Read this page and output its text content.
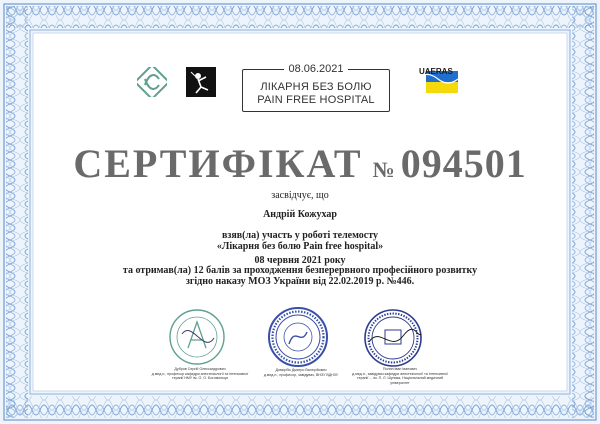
08.06.2021
ЛІКАРНЯ БЕЗ БОЛЮ
PAIN FREE HOSPITAL
UAERAS
СЕРТИФІКАТ № 094501
засвідчує, що
Андрій Кожухар
взяв(ла) участь у роботі телемосту
«Лікарня без болю Pain free hospital»
08 червня 2021 року
та отримав(ла) 12 балів за проходження безперервного професійного розвитку
згідно наказу МОЗ України від 22.02.2019 р. №446.
Дубров Сергій Олександрович
д.мед.н., професор кафедри анестезіології та інтенсивної терапії НМУ ім. О. О. Богомольця
Доморбік Дмитро Валерійович
д.мед.н., професор, завідувач, ВНЗУ ВДНЗУ
Пилип Іван Іванович
д.мед.н., завідувач кафедри анестезіології та інтенсивної терапії ... ім. П. Л. Шупика, Національний медичний університет
